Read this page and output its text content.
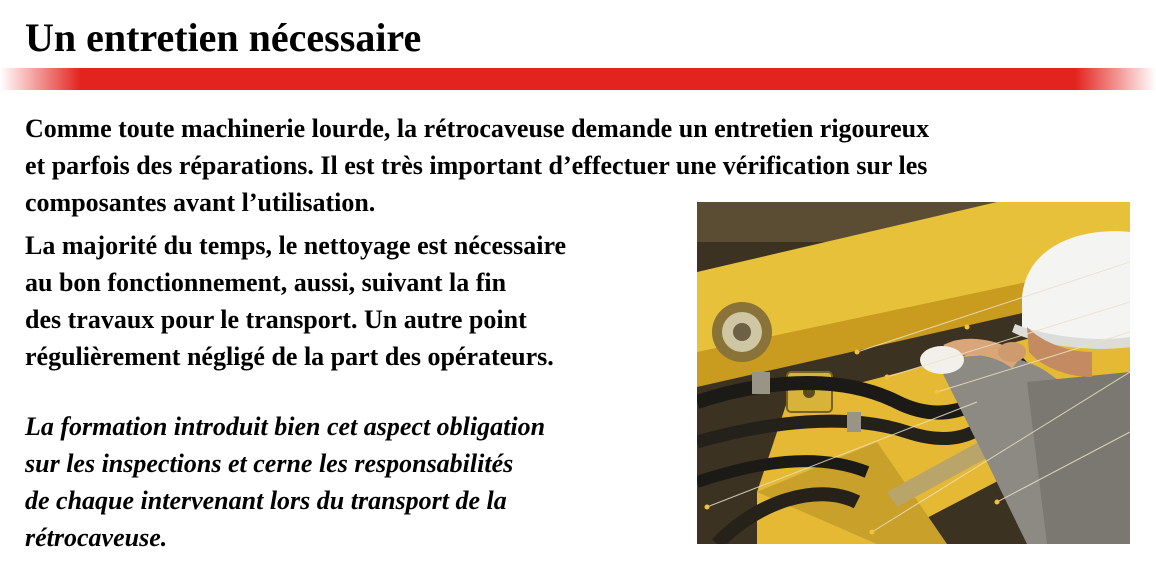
Un entretien nécessaire
Comme toute machinerie lourde, la rétrocaveuse demande un entretien rigoureux
et parfois des réparations. Il est très important d’effectuer une vérification sur les
composantes avant l’utilisation.
La majorité du temps, le nettoyage est nécessaire
au bon fonctionnement, aussi, suivant la fin
des travaux pour le transport. Un autre point
régulièrement négligé de la part des opérateurs.
La formation introduit bien cet aspect obligation
sur les inspections et cerne les responsabilités
de chaque intervenant lors du transport de la
rétrocaveuse.
